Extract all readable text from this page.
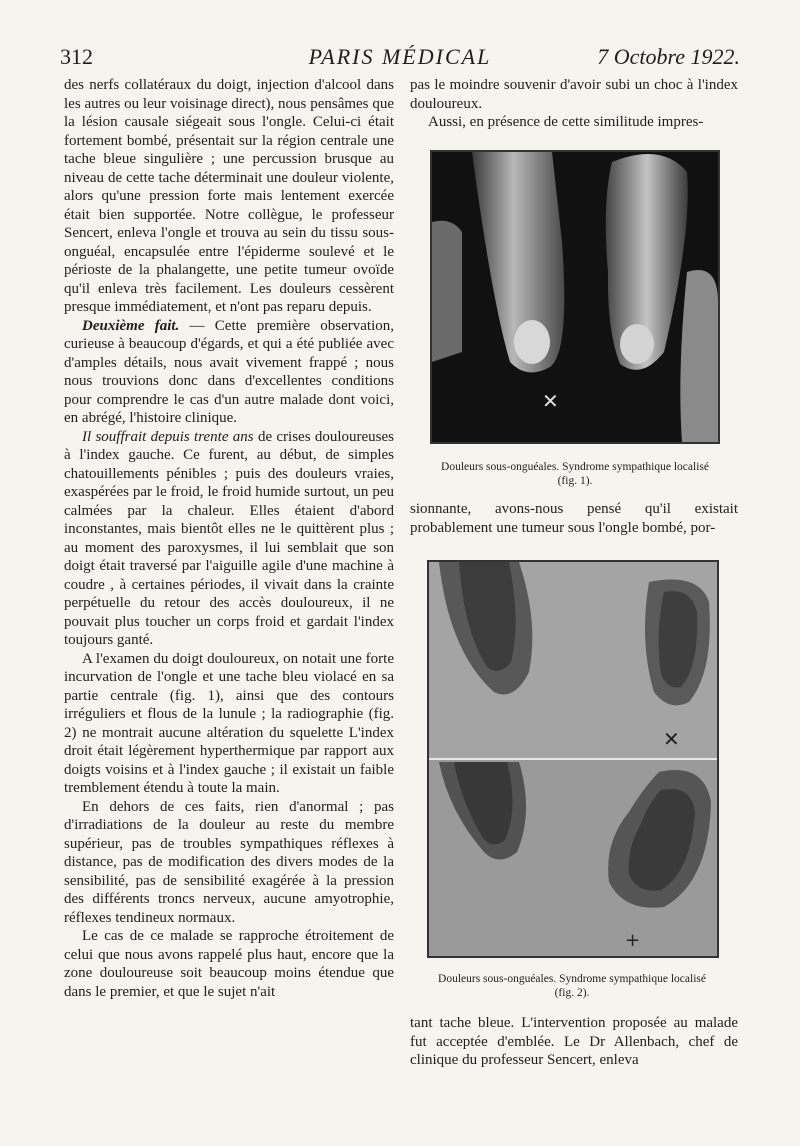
312	PARIS MÉDICAL	7 Octobre 1922.

des nerfs collatéraux du doigt, injection d'alcool dans les autres ou leur voisinage direct), nous pensâmes que la lésion causale siégeait sous l'ongle. Celui-ci était fortement bombé, présentait sur la région centrale une tache bleue singulière ; une percussion brusque au niveau de cette tache déterminait une douleur violente, alors qu'une pression forte mais lentement exercée était bien supportée. Notre collègue, le professeur Sencert, enleva l'ongle et trouva au sein du tissu sous-onguéal, encapsulée entre l'épiderme soulevé et le périoste de la phalangette, une petite tumeur ovoïde qu'il enleva très facilement. Les douleurs cessèrent presque immédiatement, et n'ont pas reparu depuis.

Deuxième fait. — Cette première observation, curieuse à beaucoup d'égards, et qui a été publiée avec d'amples détails, nous avait vivement frappé ; nous nous trouvions donc dans d'excellentes conditions pour comprendre le cas d'un autre malade dont voici, en abrégé, l'histoire clinique.

Il souffrait depuis trente ans de crises douloureuses à l'index gauche. Ce furent, au début, de simples chatouillements pénibles ; puis des douleurs vraies, exaspérées par le froid, le froid humide surtout, un peu calmées par la chaleur. Elles étaient d'abord inconstantes, mais bientôt elles ne le quittèrent plus ; au moment des paroxysmes, il lui semblait que son doigt était traversé par l'aiguille agile d'une machine à coudre , à certaines périodes, il vivait dans la crainte perpétuelle du retour des accès douloureux, il ne pouvait plus toucher un corps froid et gardait l'index toujours ganté.

A l'examen du doigt douloureux, on notait une forte incurvation de l'ongle et une tache bleu violacé en sa partie centrale (fig. 1), ainsi que des contours irréguliers et flous de la lunule ; la radiographie (fig. 2) ne montrait aucune altération du squelette L'index droit était légèrement hyperthermique par rapport aux doigts voisins et à l'index gauche ; il existait un faible tremblement étendu à toute la main.

En dehors de ces faits, rien d'anormal ; pas d'irradiations de la douleur au reste du membre supérieur, pas de troubles sympathiques réflexes à distance, pas de modification des divers modes de la sensibilité, pas de sensibilité exagérée à la pression des différents troncs nerveux, aucune amyotrophie, réflexes tendineux normaux.

Le cas de ce malade se rapproche étroitement de celui que nous avons rappelé plus haut, encore que la zone douloureuse soit beaucoup moins étendue que dans le premier, et que le sujet n'ait

pas le moindre souvenir d'avoir subi un choc à l'index douloureux.

Aussi, en présence de cette similitude impres-

✕
Douleurs sous-onguéales. Syndrome sympathique localisé (fig. 1).

sionnante, avons-nous pensé qu'il existait probablement une tumeur sous l'ongle bombé, por-

✕
+
Douleurs sous-onguéales. Syndrome sympathique localisé (fig. 2).

tant tache bleue. L'intervention proposée au malade fut acceptée d'emblée. Le Dr Allenbach, chef de clinique du professeur Sencert, enleva
